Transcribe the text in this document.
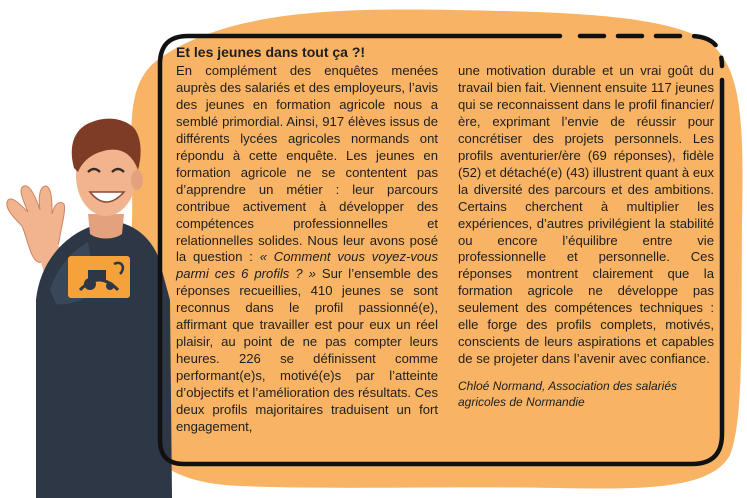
Et les jeunes dans tout ça ?!

En complément des enquêtes menées auprès des salariés et des employeurs, l’avis des jeunes en formation agricole nous a semblé primordial. Ainsi, 917 élèves issus de différents lycées agricoles normands ont répondu à cette enquête. Les jeunes en formation agricole ne se contentent pas d’apprendre un métier : leur parcours contribue activement à développer des compétences professionnelles et relationnelles solides. Nous leur avons posé la question : « Comment vous voyez-vous parmi ces 6 profils ? » Sur l’ensemble des réponses recueillies, 410 jeunes se sont reconnus dans le profil passionné(e), affirmant que travailler est pour eux un réel plaisir, au point de ne pas compter leurs heures. 226 se définissent comme performant(e)s, motivé(e)s par l’atteinte d’objectifs et l’amélioration des résultats. Ces deux profils majoritaires traduisent un fort engagement,

une motivation durable et un vrai goût du travail bien fait. Viennent ensuite 117 jeunes qui se reconnaissent dans le profil financier/ère, exprimant l’envie de réussir pour concrétiser des projets personnels. Les profils aventurier/ère (69 réponses), fidèle (52) et détaché(e) (43) illustrent quant à eux la diversité des parcours et des ambitions. Certains cherchent à multiplier les expériences, d’autres privilégient la stabilité ou encore l’équilibre entre vie professionnelle et personnelle. Ces réponses montrent clairement que la formation agricole ne développe pas seulement des compétences techniques : elle forge des profils complets, motivés, conscients de leurs aspirations et capables de se projeter dans l’avenir avec confiance.

Chloé Normand, Association des salariés agricoles de Normandie
